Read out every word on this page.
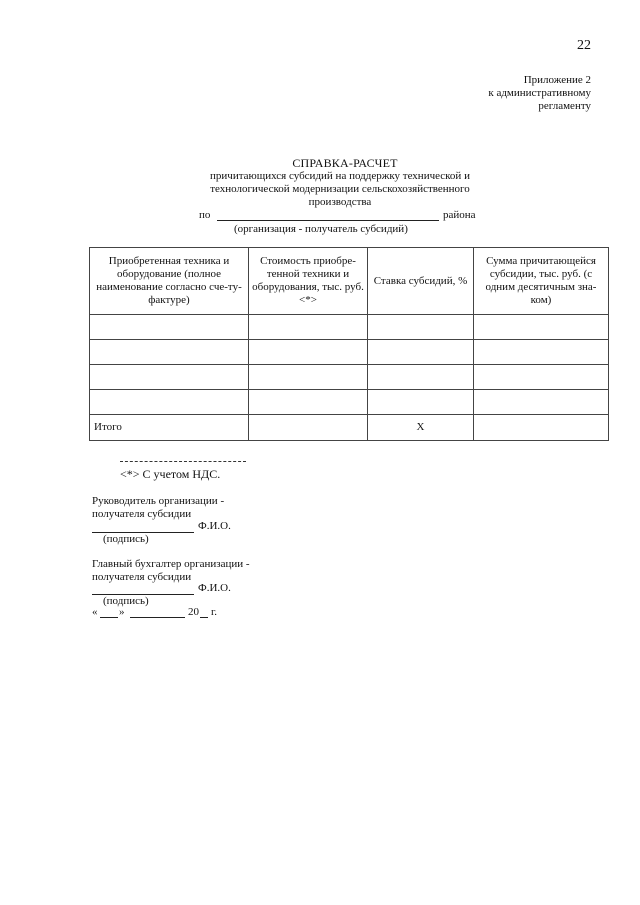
22
Приложение 2
к административному
регламенту
СПРАВКА-РАСЧЕТ
причитающихся субсидий на поддержку технической и
технологической модернизации сельскохозяйственного
производства
по	района
(организация - получатель субсидий)
Приобретенная техника и оборудование (полное наименование согласно сче-ту-фактуре)	Стоимость приобре-тенной техники и оборудования, тыс. руб. <*>	Ставка субсидий, %	Сумма причитающейся субсидии, тыс. руб. (с одним десятичным зна-ком)

Итого		X	
<*> С учетом НДС.
Руководитель организации -
получателя субсидии
Ф.И.О.
(подпись)
Главный бухгалтер организации -
получателя субсидии
Ф.И.О.
(подпись)
« »	20 г.
